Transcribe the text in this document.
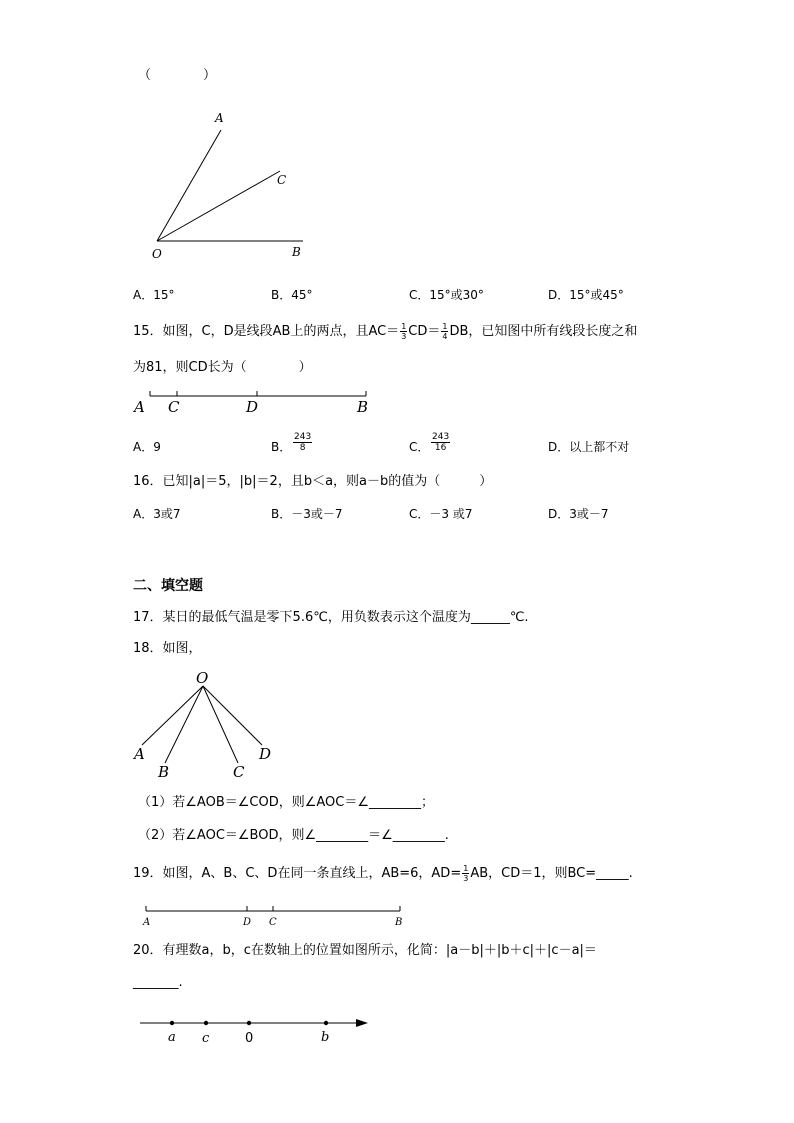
（　　　　）
A
C
O	B
A．15°	B．45°	C．15°或30°	D．15°或45°
15．如图，C，D是线段AB上的两点，且$AC= \frac{1}{3} CD= \frac{1}{4}$ DB，已知图中所有线段长度之和
为81，则CD长为（　　　　）
A C	D	B
A．9	B．
243
8	C．
243
16	D．以上都不对
16．已知|a|＝5，|b|＝2，且b＜a，则a－b的值为（　　　）
A．3或7	B．－3或－7	C．－3 或7	D．3或－7
二、填空题
17．某日的最低气温是零下5.6℃，用负数表示这个温度为______℃.
18．如图，
O
A
B	C
D
（1）若∠AOB＝∠COD，则∠AOC＝∠________；
（2）若∠AOC＝∠BOD，则∠________＝∠________.
19．如图，A、B、C、D在同一条直线上，AB=6，$AD= \frac{1}{3}$ AB，CD＝1，则BC=_____.
A	D C	B
20．有理数a，b，c在数轴上的位置如图所示，化简：|a－b|＋|b＋c|＋|c－a|＝
_______.
a c	0	b
